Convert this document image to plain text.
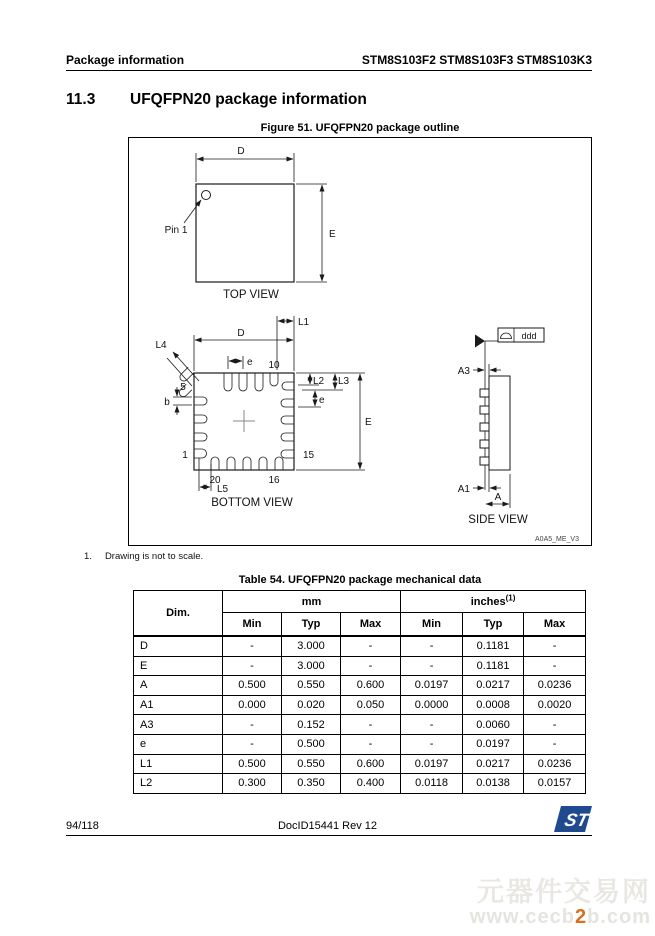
Package information	STM8S103F2 STM8S103F3 STM8S103K3
11.3	UFQFPN20 package information
Figure 51. UFQFPN20 package outline
D
E
Pin 1
TOP VIEW
D
L1
L4
e 10
5
1	15
20	16
b
L2 L3
e
E
L5
BOTTOM VIEW
ddd
A3
A1
A
SIDE VIEW
A0A5_ME_V3
1. Drawing is not to scale.
Table 54. UFQFPN20 package mechanical data
Dim.	mm			inches$^{(1)}$
	Min	Typ	Max	Min	Typ	Max
D	-	3.000	-	-	0.1181	-
E	-	3.000	-	-	0.1181	-
A	0.500	0.550	0.600	0.0197	0.0217	0.0236
A1	0.000	0.020	0.050	0.0000	0.0008	0.0020
A3	-	0.152	-	-	0.0060	-
e	-	0.500	-	-	0.0197	-
L1	0.500	0.550	0.600	0.0197	0.0217	0.0236
L2	0.300	0.350	0.400	0.0118	0.0138	0.0157
94/118	DocID15441 Rev 12	ST
元器件交易网
www.cecb2b.com
